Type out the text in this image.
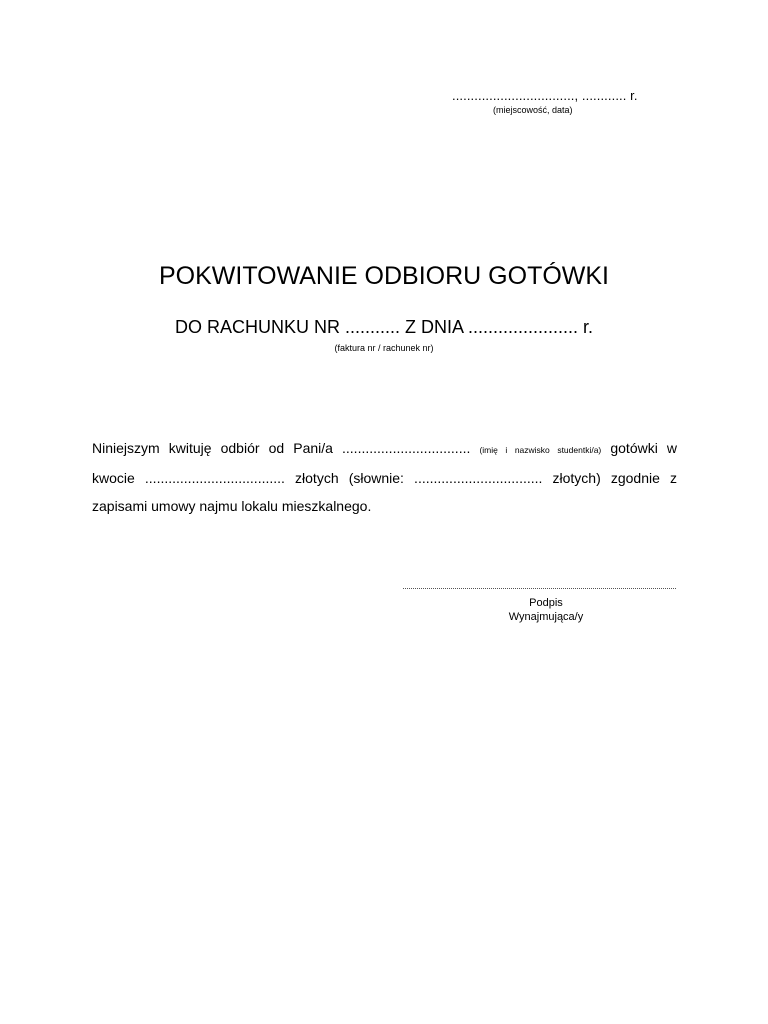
................................., ............ r.
(miejscowość, data)
POKWITOWANIE ODBIORU GOTÓWKI
DO RACHUNKU NR ........... Z DNIA ...................... r.
(faktura nr / rachunek nr)
Niniejszym kwituję odbiór od Pani/a ................................. (imię i nazwisko studentki/a) gotówki w
kwocie .................................... złotych (słownie: ................................. złotych) zgodnie z
zapisami umowy najmu lokalu mieszkalnego.
Podpis
Wynajmująca/y
